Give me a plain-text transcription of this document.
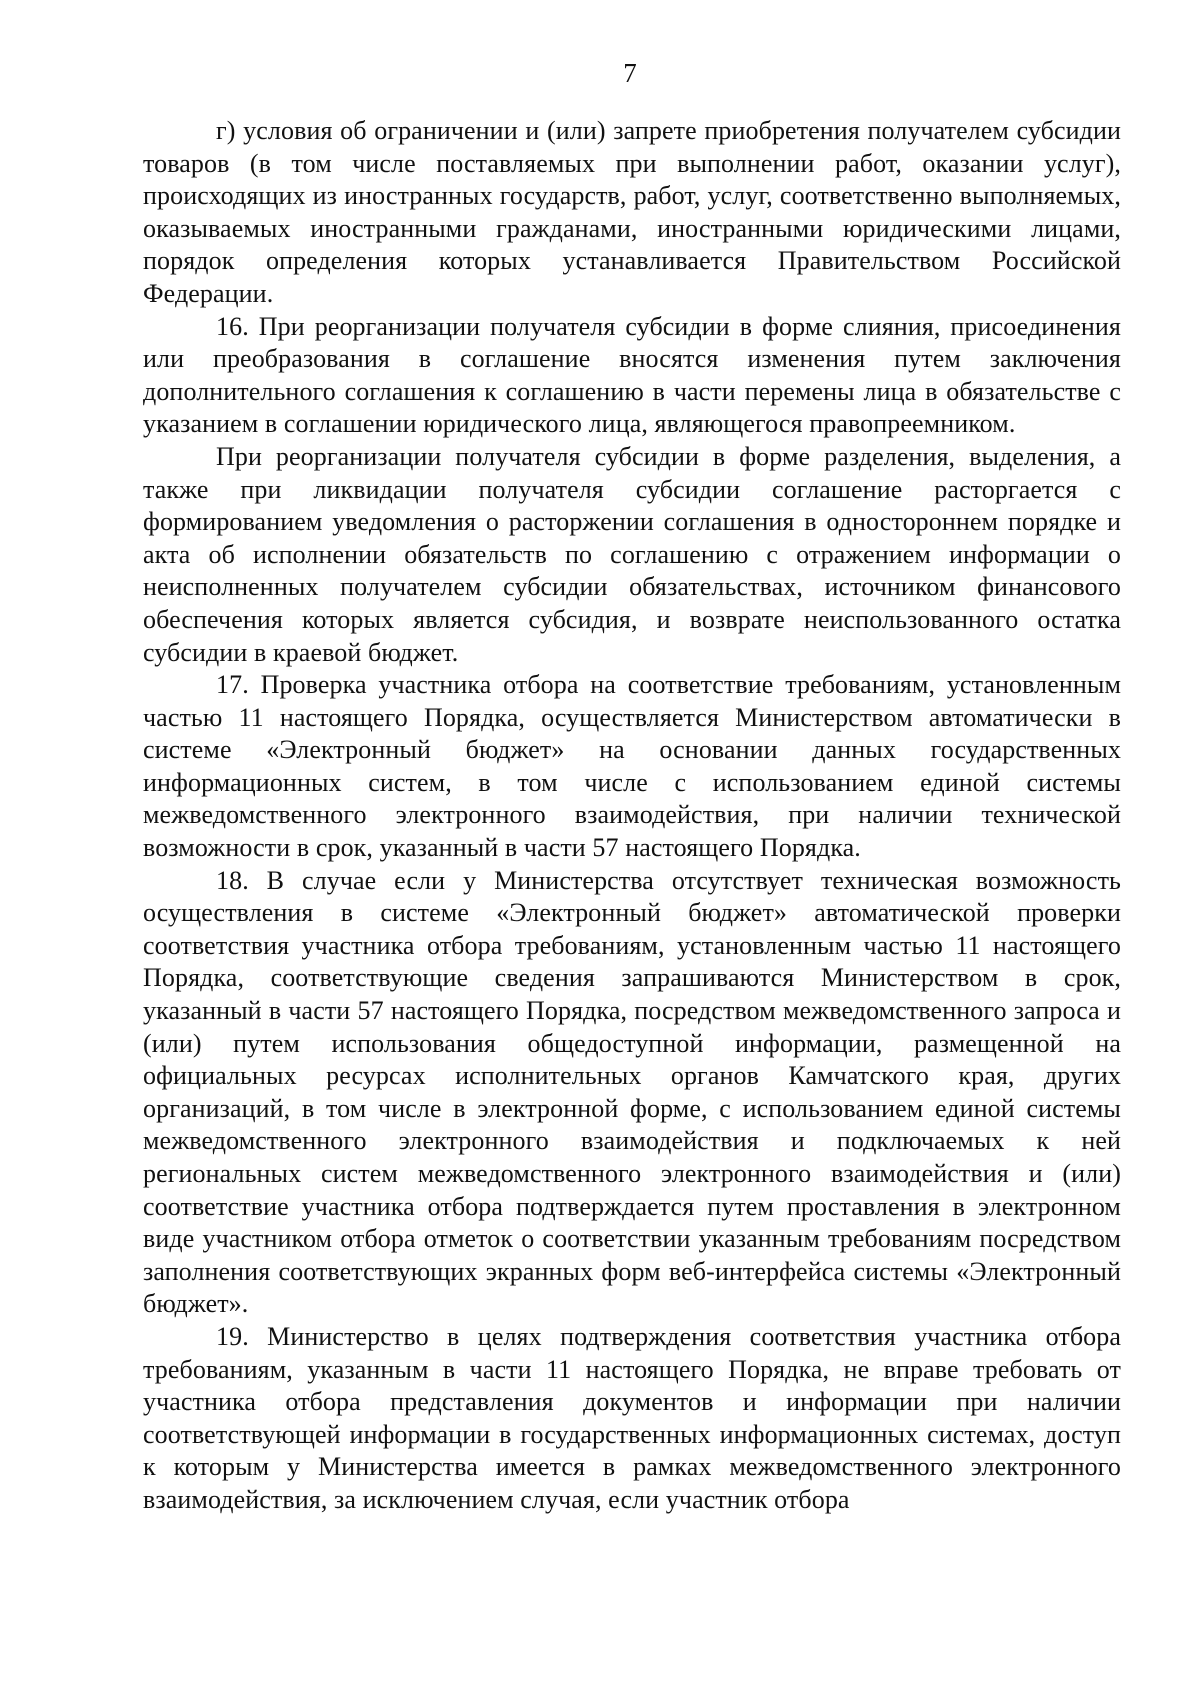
7

г) условия об ограничении и (или) запрете приобретения получателем субсидии товаров (в том числе поставляемых при выполнении работ, оказании услуг), происходящих из иностранных государств, работ, услуг, соответственно выполняемых, оказываемых иностранными гражданами, иностранными юридическими лицами, порядок определения которых устанавливается Правительством Российской Федерации.

16. При реорганизации получателя субсидии в форме слияния, присоединения или преобразования в соглашение вносятся изменения путем заключения дополнительного соглашения к соглашению в части перемены лица в обязательстве с указанием в соглашении юридического лица, являющегося правопреемником.

При реорганизации получателя субсидии в форме разделения, выделения, а также при ликвидации получателя субсидии соглашение расторгается с формированием уведомления о расторжении соглашения в одностороннем порядке и акта об исполнении обязательств по соглашению с отражением информации о неисполненных получателем субсидии обязательствах, источником финансового обеспечения которых является субсидия, и возврате неиспользованного остатка субсидии в краевой бюджет.

17. Проверка участника отбора на соответствие требованиям, установленным частью 11 настоящего Порядка, осуществляется Министерством автоматически в системе «Электронный бюджет» на основании данных государственных информационных систем, в том числе с использованием единой системы межведомственного электронного взаимодействия, при наличии технической возможности в срок, указанный в части 57 настоящего Порядка.

18. В случае если у Министерства отсутствует техническая возможность осуществления в системе «Электронный бюджет» автоматической проверки соответствия участника отбора требованиям, установленным частью 11 настоящего Порядка, соответствующие сведения запрашиваются Министерством в срок, указанный в части 57 настоящего Порядка, посредством межведомственного запроса и (или) путем использования общедоступной информации, размещенной на официальных ресурсах исполнительных органов Камчатского края, других организаций, в том числе в электронной форме, с использованием единой системы межведомственного электронного взаимодействия и подключаемых к ней региональных систем межведомственного электронного взаимодействия и (или) соответствие участника отбора подтверждается путем проставления в электронном виде участником отбора отметок о соответствии указанным требованиям посредством заполнения соответствующих экранных форм веб-интерфейса системы «Электронный бюджет».

19. Министерство в целях подтверждения соответствия участника отбора требованиям, указанным в части 11 настоящего Порядка, не вправе требовать от участника отбора представления документов и информации при наличии соответствующей информации в государственных информационных системах, доступ к которым у Министерства имеется в рамках межведомственного электронного взаимодействия, за исключением случая, если участник отбора
